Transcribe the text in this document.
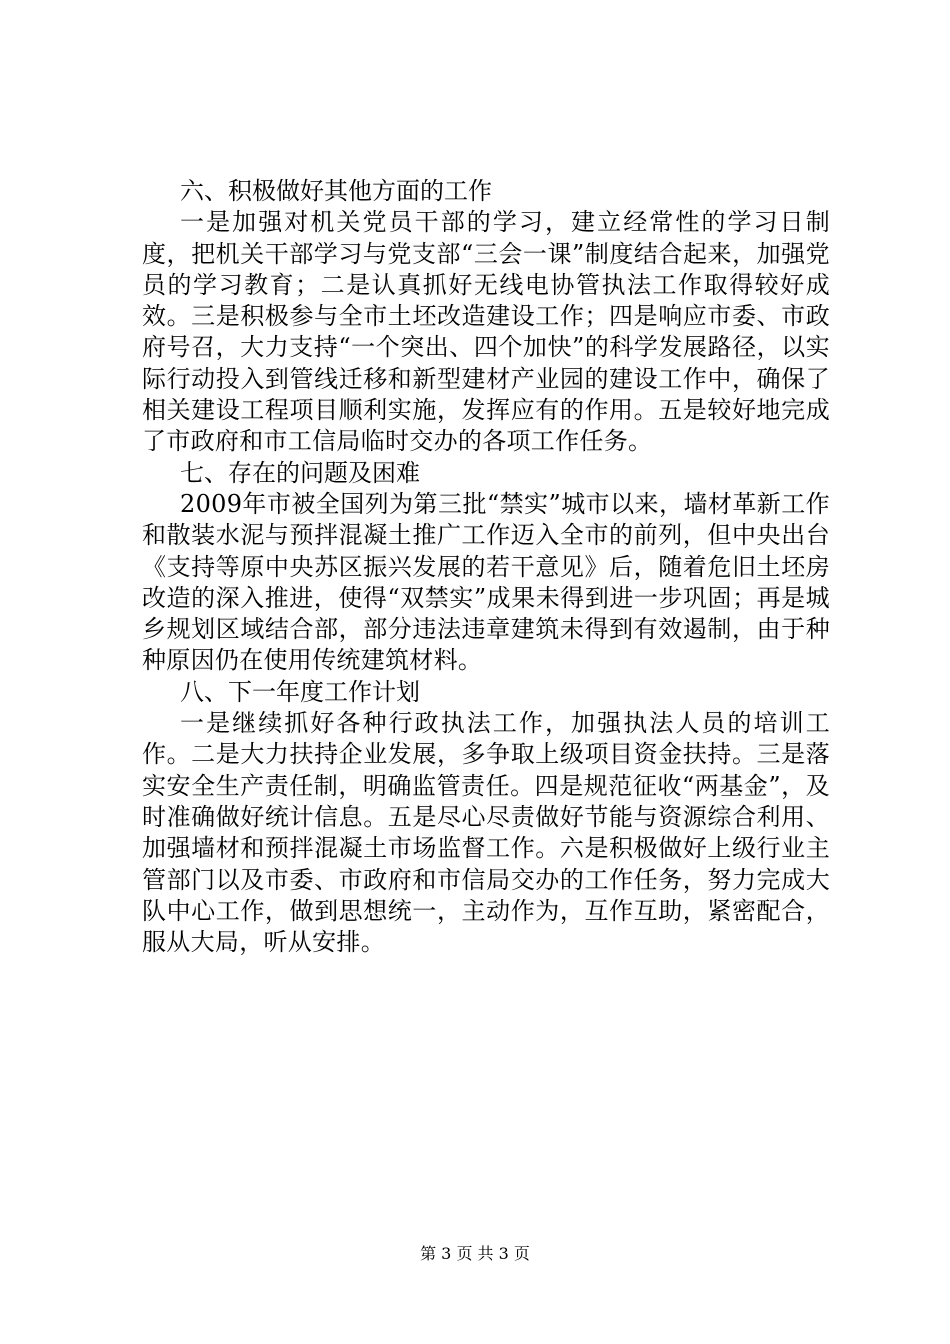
六、积极做好其他方面的工作

一是加强对机关党员干部的学习，建立经常性的学习日制度，把机关干部学习与党支部“三会一课”制度结合起来，加强党员的学习教育；二是认真抓好无线电协管执法工作取得较好成效。三是积极参与全市土坯改造建设工作；四是响应市委、市政府号召，大力支持“一个突出、四个加快”的科学发展路径，以实际行动投入到管线迁移和新型建材产业园的建设工作中，确保了相关建设工程项目顺利实施，发挥应有的作用。五是较好地完成了市政府和市工信局临时交办的各项工作任务。

七、存在的问题及困难

2009年市被全国列为第三批“禁实”城市以来，墙材革新工作和散装水泥与预拌混凝土推广工作迈入全市的前列，但中央出台《支持等原中央苏区振兴发展的若干意见》后，随着危旧土坯房改造的深入推进，使得“双禁实”成果未得到进一步巩固；再是城乡规划区域结合部，部分违法违章建筑未得到有效遏制，由于种种原因仍在使用传统建筑材料。

八、下一年度工作计划

一是继续抓好各种行政执法工作，加强执法人员的培训工作。二是大力扶持企业发展，多争取上级项目资金扶持。三是落实安全生产责任制，明确监管责任。四是规范征收“两基金”，及时准确做好统计信息。五是尽心尽责做好节能与资源综合利用、加强墙材和预拌混凝土市场监督工作。六是积极做好上级行业主管部门以及市委、市政府和市信局交办的工作任务，努力完成大队中心工作，做到思想统一，主动作为，互作互助，紧密配合，服从大局，听从安排。

第 3 页 共 3 页
